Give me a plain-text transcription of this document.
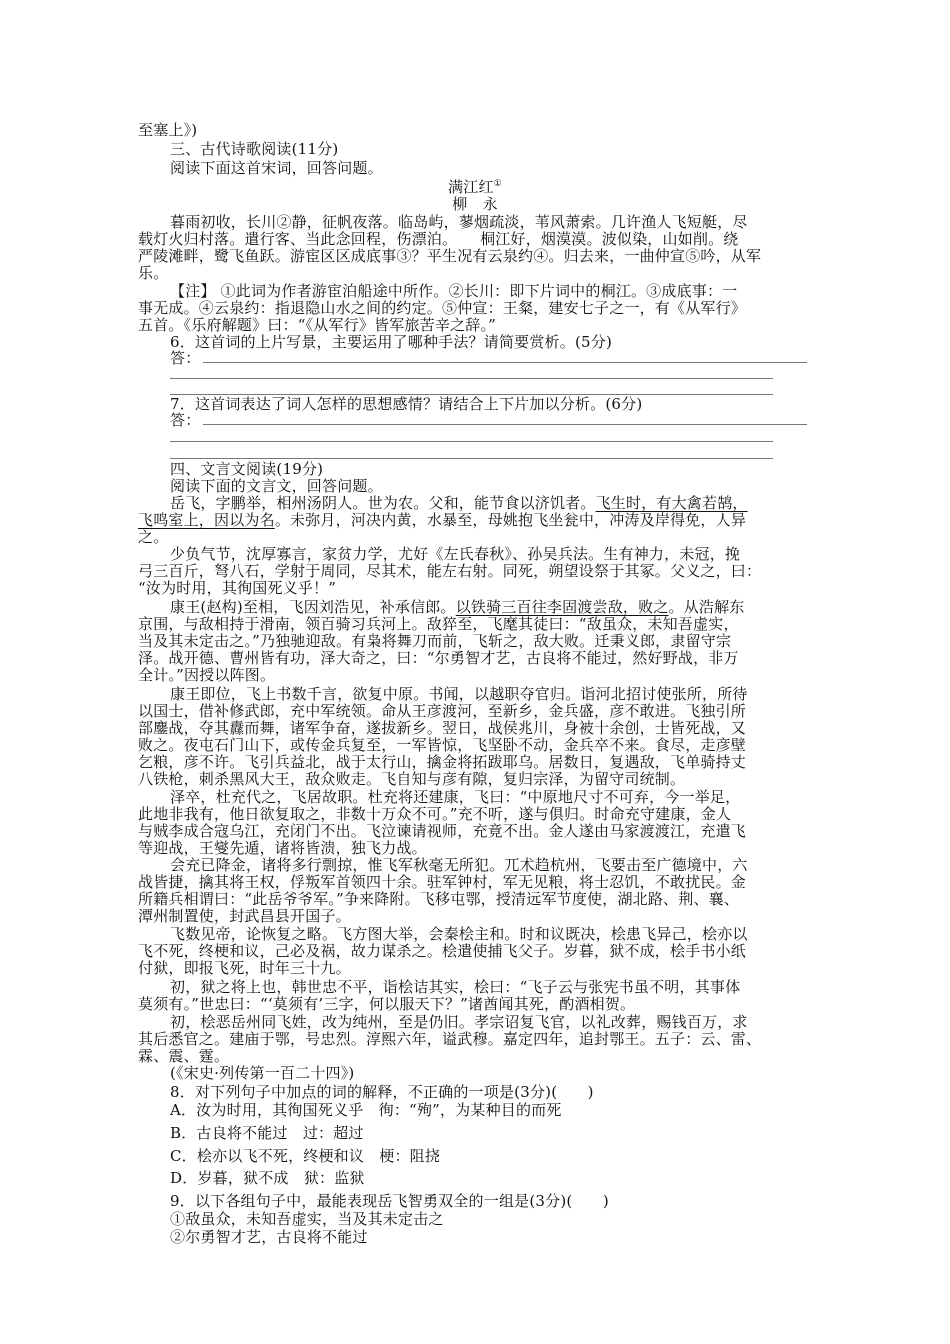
至塞上》)
三、古代诗歌阅读(11分)
阅读下面这首宋词，回答问题。
满江红①
柳　永
暮雨初收，长川②静，征帆夜落。临岛屿，蓼烟疏淡，苇风萧索。几许渔人飞短艇，尽
载灯火归村落。遣行客、当此念回程，伤漂泊。　　桐江好，烟漠漠。波似染，山如削。绕
严陵滩畔，鹭飞鱼跃。游宦区区成底事③？平生况有云泉约④。归去来，一曲仲宣⑤吟，从军
乐。
【注】 ①此词为作者游宦泊船途中所作。②长川：即下片词中的桐江。③成底事：一
事无成。④云泉约：指退隐山水之间的约定。⑤仲宣：王粲，建安七子之一，有《从军行》
五首。《乐府解题》曰：“《从军行》皆军旅苦辛之辞。”
6．这首词的上片写景，主要运用了哪种手法？请简要赏析。(5分)
答：
7．这首词表达了词人怎样的思想感情？请结合上下片加以分析。(6分)
答：
四、文言文阅读(19分)
阅读下面的文言文，回答问题。
岳飞，字鹏举，相州汤阴人。世为农。父和，能节食以济饥者。飞生时，有大禽若鹄，
飞鸣室上，因以为名。未弥月，河决内黄，水暴至，母姚抱飞坐瓮中，冲涛及岸得免，人异
之。
少负气节，沈厚寡言，家贫力学，尤好《左氏春秋》、孙吴兵法。生有神力，未冠，挽
弓三百斤，弩八石，学射于周同，尽其术，能左右射。同死，朔望设祭于其冢。父义之，曰：
“汝为时用，其徇国死义乎！”
康王(赵构)至相，飞因刘浩见，补承信郎。以铁骑三百往李固渡尝敌，败之。从浩解东
京围，与敌相持于滑南，领百骑习兵河上。敌猝至，飞麾其徒曰：“敌虽众，未知吾虚实，
当及其未定击之。”乃独驰迎敌。有枭将舞刀而前，飞斩之，敌大败。迁秉义郎，隶留守宗
泽。战开德、曹州皆有功，泽大奇之，曰：“尔勇智才艺，古良将不能过，然好野战，非万
全计。”因授以阵图。
康王即位，飞上书数千言，欲复中原。书闻，以越职夺官归。诣河北招讨使张所，所待
以国士，借补修武郎，充中军统领。命从王彦渡河，至新乡，金兵盛，彦不敢进。飞独引所
部鏖战，夺其纛而舞，诸军争奋，遂拔新乡。翌日，战侯兆川，身被十余创，士皆死战，又
败之。夜屯石门山下，或传金兵复至，一军皆惊，飞坚卧不动，金兵卒不来。食尽，走彦壁
乞粮，彦不许。飞引兵益北，战于太行山，擒金将拓跋耶乌。居数日，复遇敌，飞单骑持丈
八铁枪，刺杀黑风大王，敌众败走。飞自知与彦有隙，复归宗泽，为留守司统制。
泽卒，杜充代之，飞居故职。杜充将还建康，飞曰：“中原地尺寸不可弃，今一举足，
此地非我有，他日欲复取之，非数十万众不可。”充不听，遂与俱归。时命充守建康，金人
与贼李成合寇乌江，充闭门不出。飞泣谏请视师，充竟不出。金人遂由马家渡渡江，充遣飞
等迎战，王燮先遁，诸将皆溃，独飞力战。
会充已降金，诸将多行剽掠，惟飞军秋毫无所犯。兀术趋杭州，飞要击至广德境中，六
战皆捷，擒其将王权，俘叛军首领四十余。驻军钟村，军无见粮，将士忍饥，不敢扰民。金
所籍兵相谓曰：“此岳爷爷军。”争来降附。飞移屯鄂，授清远军节度使，湖北路、荆、襄、
潭州制置使，封武昌县开国子。
飞数见帝，论恢复之略。飞方图大举，会秦桧主和。时和议既决，桧患飞异己，桧亦以
飞不死，终梗和议，己必及祸，故力谋杀之。桧遣使捕飞父子。岁暮，狱不成，桧手书小纸
付狱，即报飞死，时年三十九。
初，狱之将上也，韩世忠不平，诣桧诘其实，桧曰：“飞子云与张宪书虽不明，其事体
莫须有。”世忠曰：“‘莫须有’三字，何以服天下？”诸酋闻其死，酌酒相贺。
初，桧恶岳州同飞姓，改为纯州，至是仍旧。孝宗诏复飞官，以礼改葬，赐钱百万，求
其后悉官之。建庙于鄂，号忠烈。淳熙六年，谥武穆。嘉定四年，追封鄂王。五子：云、雷、
霖、震、霆。
(《宋史·列传第一百二十四》)
8．对下列句子中加点的词的解释，不正确的一项是(3分)(　　)
A．汝为时用，其徇国死义乎　徇：“殉”，为某种目的而死
B．古良将不能过　过：超过
C．桧亦以飞不死，终梗和议　梗：阻挠
D．岁暮，狱不成　狱：监狱
9．以下各组句子中，最能表现岳飞智勇双全的一组是(3分)(　　)
①敌虽众，未知吾虚实，当及其未定击之
②尔勇智才艺，古良将不能过
